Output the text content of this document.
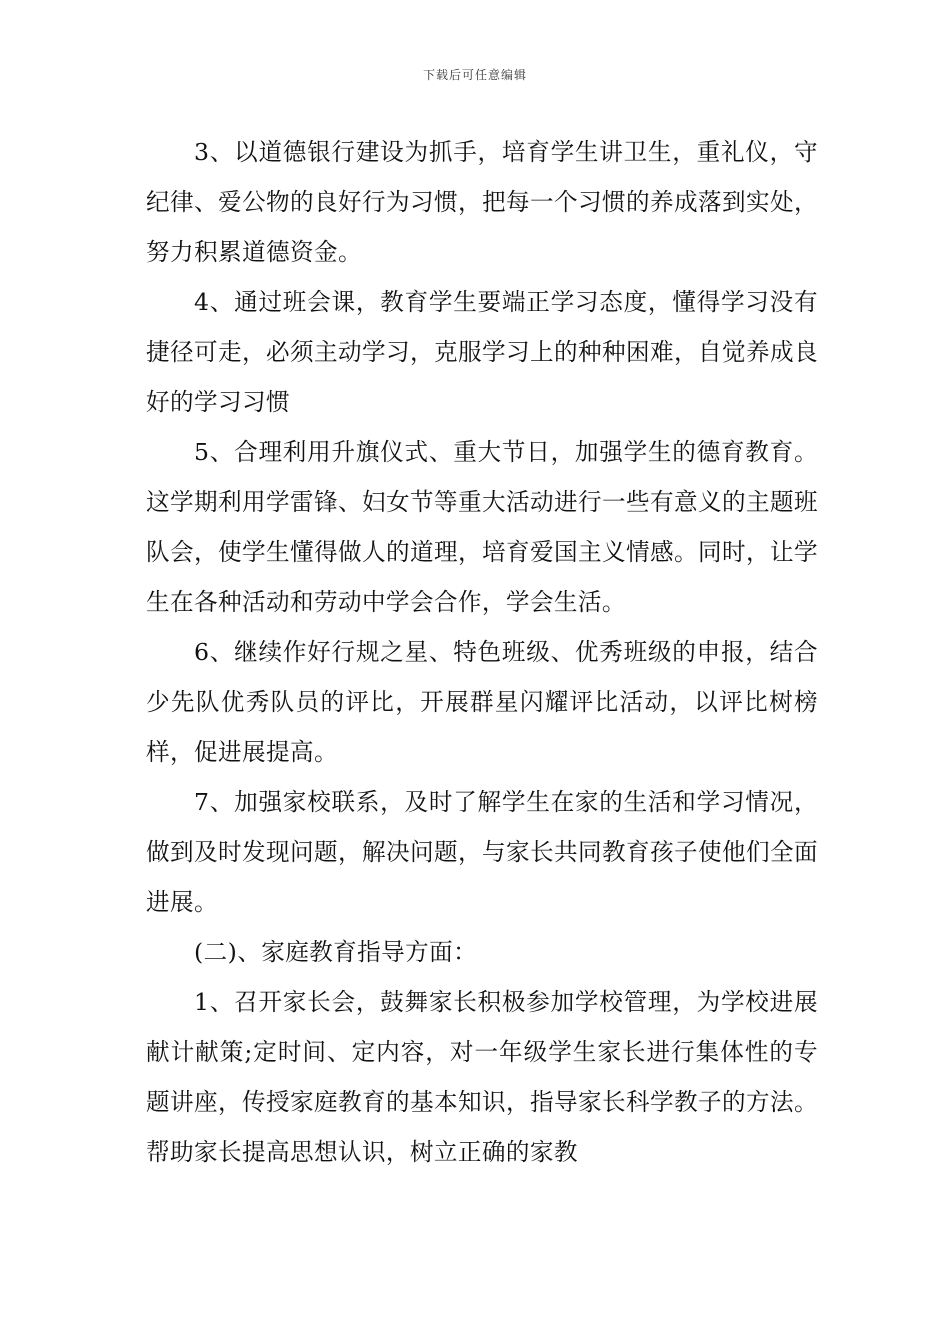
下载后可任意编辑

3、以道德银行建设为抓手，培育学生讲卫生，重礼仪，守纪律、爱公物的良好行为习惯，把每一个习惯的养成落到实处，努力积累道德资金。

4、通过班会课，教育学生要端正学习态度，懂得学习没有捷径可走，必须主动学习，克服学习上的种种困难，自觉养成良好的学习习惯

5、合理利用升旗仪式、重大节日，加强学生的德育教育。这学期利用学雷锋、妇女节等重大活动进行一些有意义的主题班队会，使学生懂得做人的道理，培育爱国主义情感。同时，让学生在各种活动和劳动中学会合作，学会生活。

6、继续作好行规之星、特色班级、优秀班级的申报，结合少先队优秀队员的评比，开展群星闪耀评比活动，以评比树榜样，促进展提高。

7、加强家校联系，及时了解学生在家的生活和学习情况，做到及时发现问题，解决问题，与家长共同教育孩子使他们全面进展。

(二)、家庭教育指导方面：

1、召开家长会，鼓舞家长积极参加学校管理，为学校进展献计献策;定时间、定内容，对一年级学生家长进行集体性的专题讲座，传授家庭教育的基本知识，指导家长科学教子的方法。帮助家长提高思想认识，树立正确的家教
